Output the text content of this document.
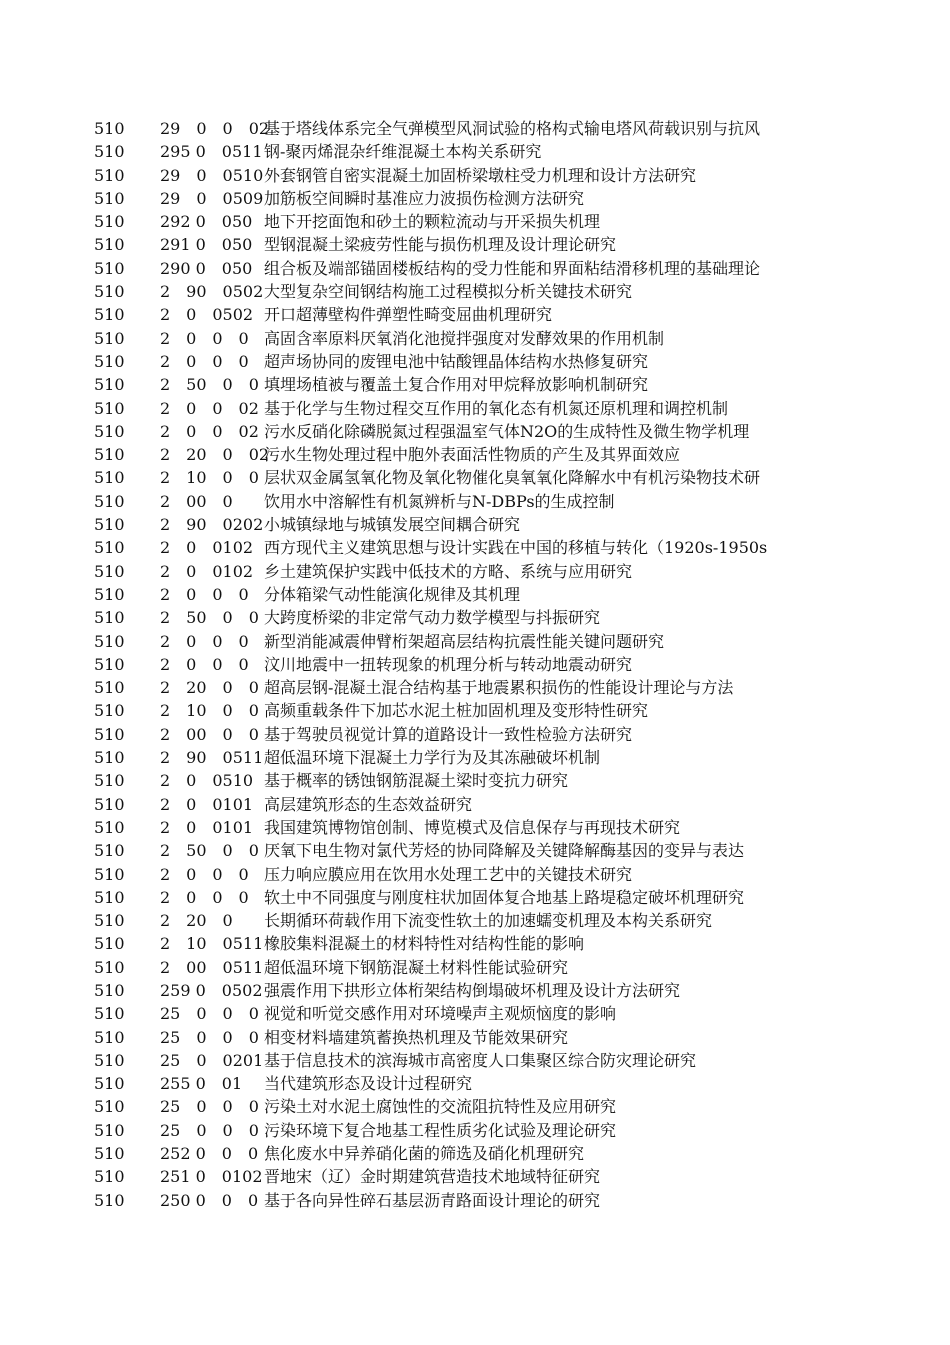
510 29　0　0　02
基于塔线体系完全气弹模型风洞试验的格构式输电塔风荷载识别与抗风
510 295 0　0511 钢-聚丙烯混杂纤维混凝土本构关系研究
510 29　0　0510 外套钢管自密实混凝土加固桥梁墩柱受力机理和设计方法研究
510 29　0　0509 加筋板空间瞬时基准应力波损伤检测方法研究
510 292 0　050 地下开挖面饱和砂土的颗粒流动与开采损失机理
510 291 0　050 型钢混凝土梁疲劳性能与损伤机理及设计理论研究
510 290 0　050 组合板及端部锚固楼板结构的受力性能和界面粘结滑移机理的基础理论
510 2　90　0502 大型复杂空间钢结构施工过程模拟分析关键技术研究
510 2　0　0502 开口超薄壁构件弹塑性畸变屈曲机理研究
510 2　0　0　0 高固含率原料厌氧消化池搅拌强度对发酵效果的作用机制
510 2　0　0　0 超声场协同的废锂电池中钴酸锂晶体结构水热修复研究
510 2　50　0　0 填埋场植被与覆盖土复合作用对甲烷释放影响机制研究
510 2　0　0　02 基于化学与生物过程交互作用的氧化态有机氮还原机理和调控机制
510 2　0　0　02 污水反硝化除磷脱氮过程强温室气体N2O的生成特性及微生物学机理
510 2　20　0　02
污水生物处理过程中胞外表面活性物质的产生及其界面效应
510 2　10　0　0 层状双金属氢氧化物及氧化物催化臭氧氧化降解水中有机污染物技术研
510 2　00　0 饮用水中溶解性有机氮辨析与N-DBPs的生成控制
510 2　90　0202 小城镇绿地与城镇发展空间耦合研究
510 2　0　0102 西方现代主义建筑思想与设计实践在中国的移植与转化（1920s-1950s
510 2　0　0102 乡土建筑保护实践中低技术的方略、系统与应用研究
510 2　0　0　0 分体箱梁气动性能演化规律及其机理
510 2　50　0　0 大跨度桥梁的非定常气动力数学模型与抖振研究
510 2　0　0　0 新型消能减震伸臂桁架超高层结构抗震性能关键问题研究
510 2　0　0　0 汶川地震中一扭转现象的机理分析与转动地震动研究
510 2　20　0　0 超高层钢-混凝土混合结构基于地震累积损伤的性能设计理论与方法
510 2　10　0　0 高频重载条件下加芯水泥土桩加固机理及变形特性研究
510 2　00　0　0 基于驾驶员视觉计算的道路设计一致性检验方法研究
510 2　90　0511 超低温环境下混凝土力学行为及其冻融破坏机制
510 2　0　0510 基于概率的锈蚀钢筋混凝土梁时变抗力研究
510 2　0　0101 高层建筑形态的生态效益研究
510 2　0　0101 我国建筑博物馆创制、博览模式及信息保存与再现技术研究
510 2　50　0　0 厌氧下电生物对氯代芳烃的协同降解及关键降解酶基因的变异与表达
510 2　0　0　0 压力响应膜应用在饮用水处理工艺中的关键技术研究
510 2　0　0　0 软土中不同强度与刚度柱状加固体复合地基上路堤稳定破坏机理研究
510 2　20　0 长期循环荷载作用下流变性软土的加速蠕变机理及本构关系研究
510 2　10　0511 橡胶集料混凝土的材料特性对结构性能的影响
510 2　00　0511 超低温环境下钢筋混凝土材料性能试验研究
510 259 0　0502 强震作用下拱形立体桁架结构倒塌破坏机理及设计方法研究
510 25　0　0　0 视觉和听觉交感作用对环境噪声主观烦恼度的影响
510 25　0　0　0 相变材料墙建筑蓄换热机理及节能效果研究
510 25　0　0201 基于信息技术的滨海城市高密度人口集聚区综合防灾理论研究
510 255 0　01 当代建筑形态及设计过程研究
510 25　0　0　0 污染土对水泥土腐蚀性的交流阻抗特性及应用研究
510 25　0　0　0 污染环境下复合地基工程性质劣化试验及理论研究
510 252 0　0　0 焦化废水中异养硝化菌的筛选及硝化机理研究
510 251 0　0102 晋地宋（辽）金时期建筑营造技术地域特征研究
510 250 0　0　0 基于各向异性碎石基层沥青路面设计理论的研究
